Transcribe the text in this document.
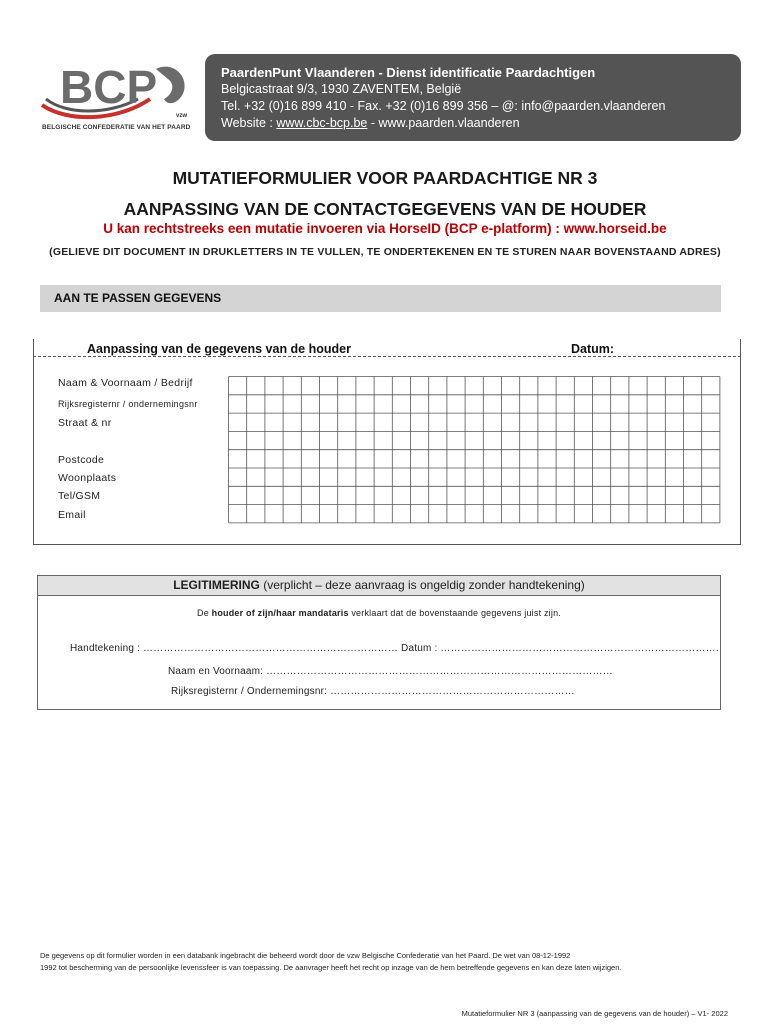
BCP
vzw
BELGISCHE CONFEDERATIE VAN HET PAARD
PaardenPunt Vlaanderen - Dienst identificatie Paardachtigen
Belgicastraat 9/3, 1930 ZAVENTEM, België
Tel. +32 (0)16 899 410 - Fax. +32 (0)16 899 356 – @: info@paarden.vlaanderen
Website : www.cbc-bcp.be - www.paarden.vlaanderen
MUTATIEFORMULIER VOOR PAARDACHTIGE NR 3
AANPASSING VAN DE CONTACTGEGEVENS VAN DE HOUDER
U kan rechtstreeks een mutatie invoeren via HorseID (BCP e-platform) : www.horseid.be
(GELIEVE DIT DOCUMENT IN DRUKLETTERS IN TE VULLEN, TE ONDERTEKENEN EN TE STUREN NAAR BOVENSTAAND ADRES)
AAN TE PASSEN GEGEVENS
Aanpassing van de gegevens van de houder	Datum:
Naam & Voornaam / Bedrijf
Rijksregisternr / ondernemingsnr
Straat & nr
Postcode
Woonplaats
Tel/GSM
Email
LEGITIMERING (verplicht – deze aanvraag is ongeldig zonder handtekening)
De houder of zijn/haar mandataris verklaart dat de bovenstaande gegevens juist zijn.
Handtekening : ………………………………………………………………… Datum : ……………………………………………………………………….
Naam en Voornaam: …………………………………………………………………………………………
Rijksregisternr / Ondernemingsnr: ………………………………………………………………
De gegevens op dit formulier worden in een databank ingebracht die beheerd wordt door de vzw Belgische Confederatie van het Paard. De wet van 08-12-1992
1992 tot bescherming van de persoonlijke levenssfeer is van toepassing. De aanvrager heeft het recht op inzage van de hem betreffende gegevens en kan deze laten wijzigen.
Mutatieformulier NR 3 (aanpassing van de gegevens van de houder) – V1- 2022
